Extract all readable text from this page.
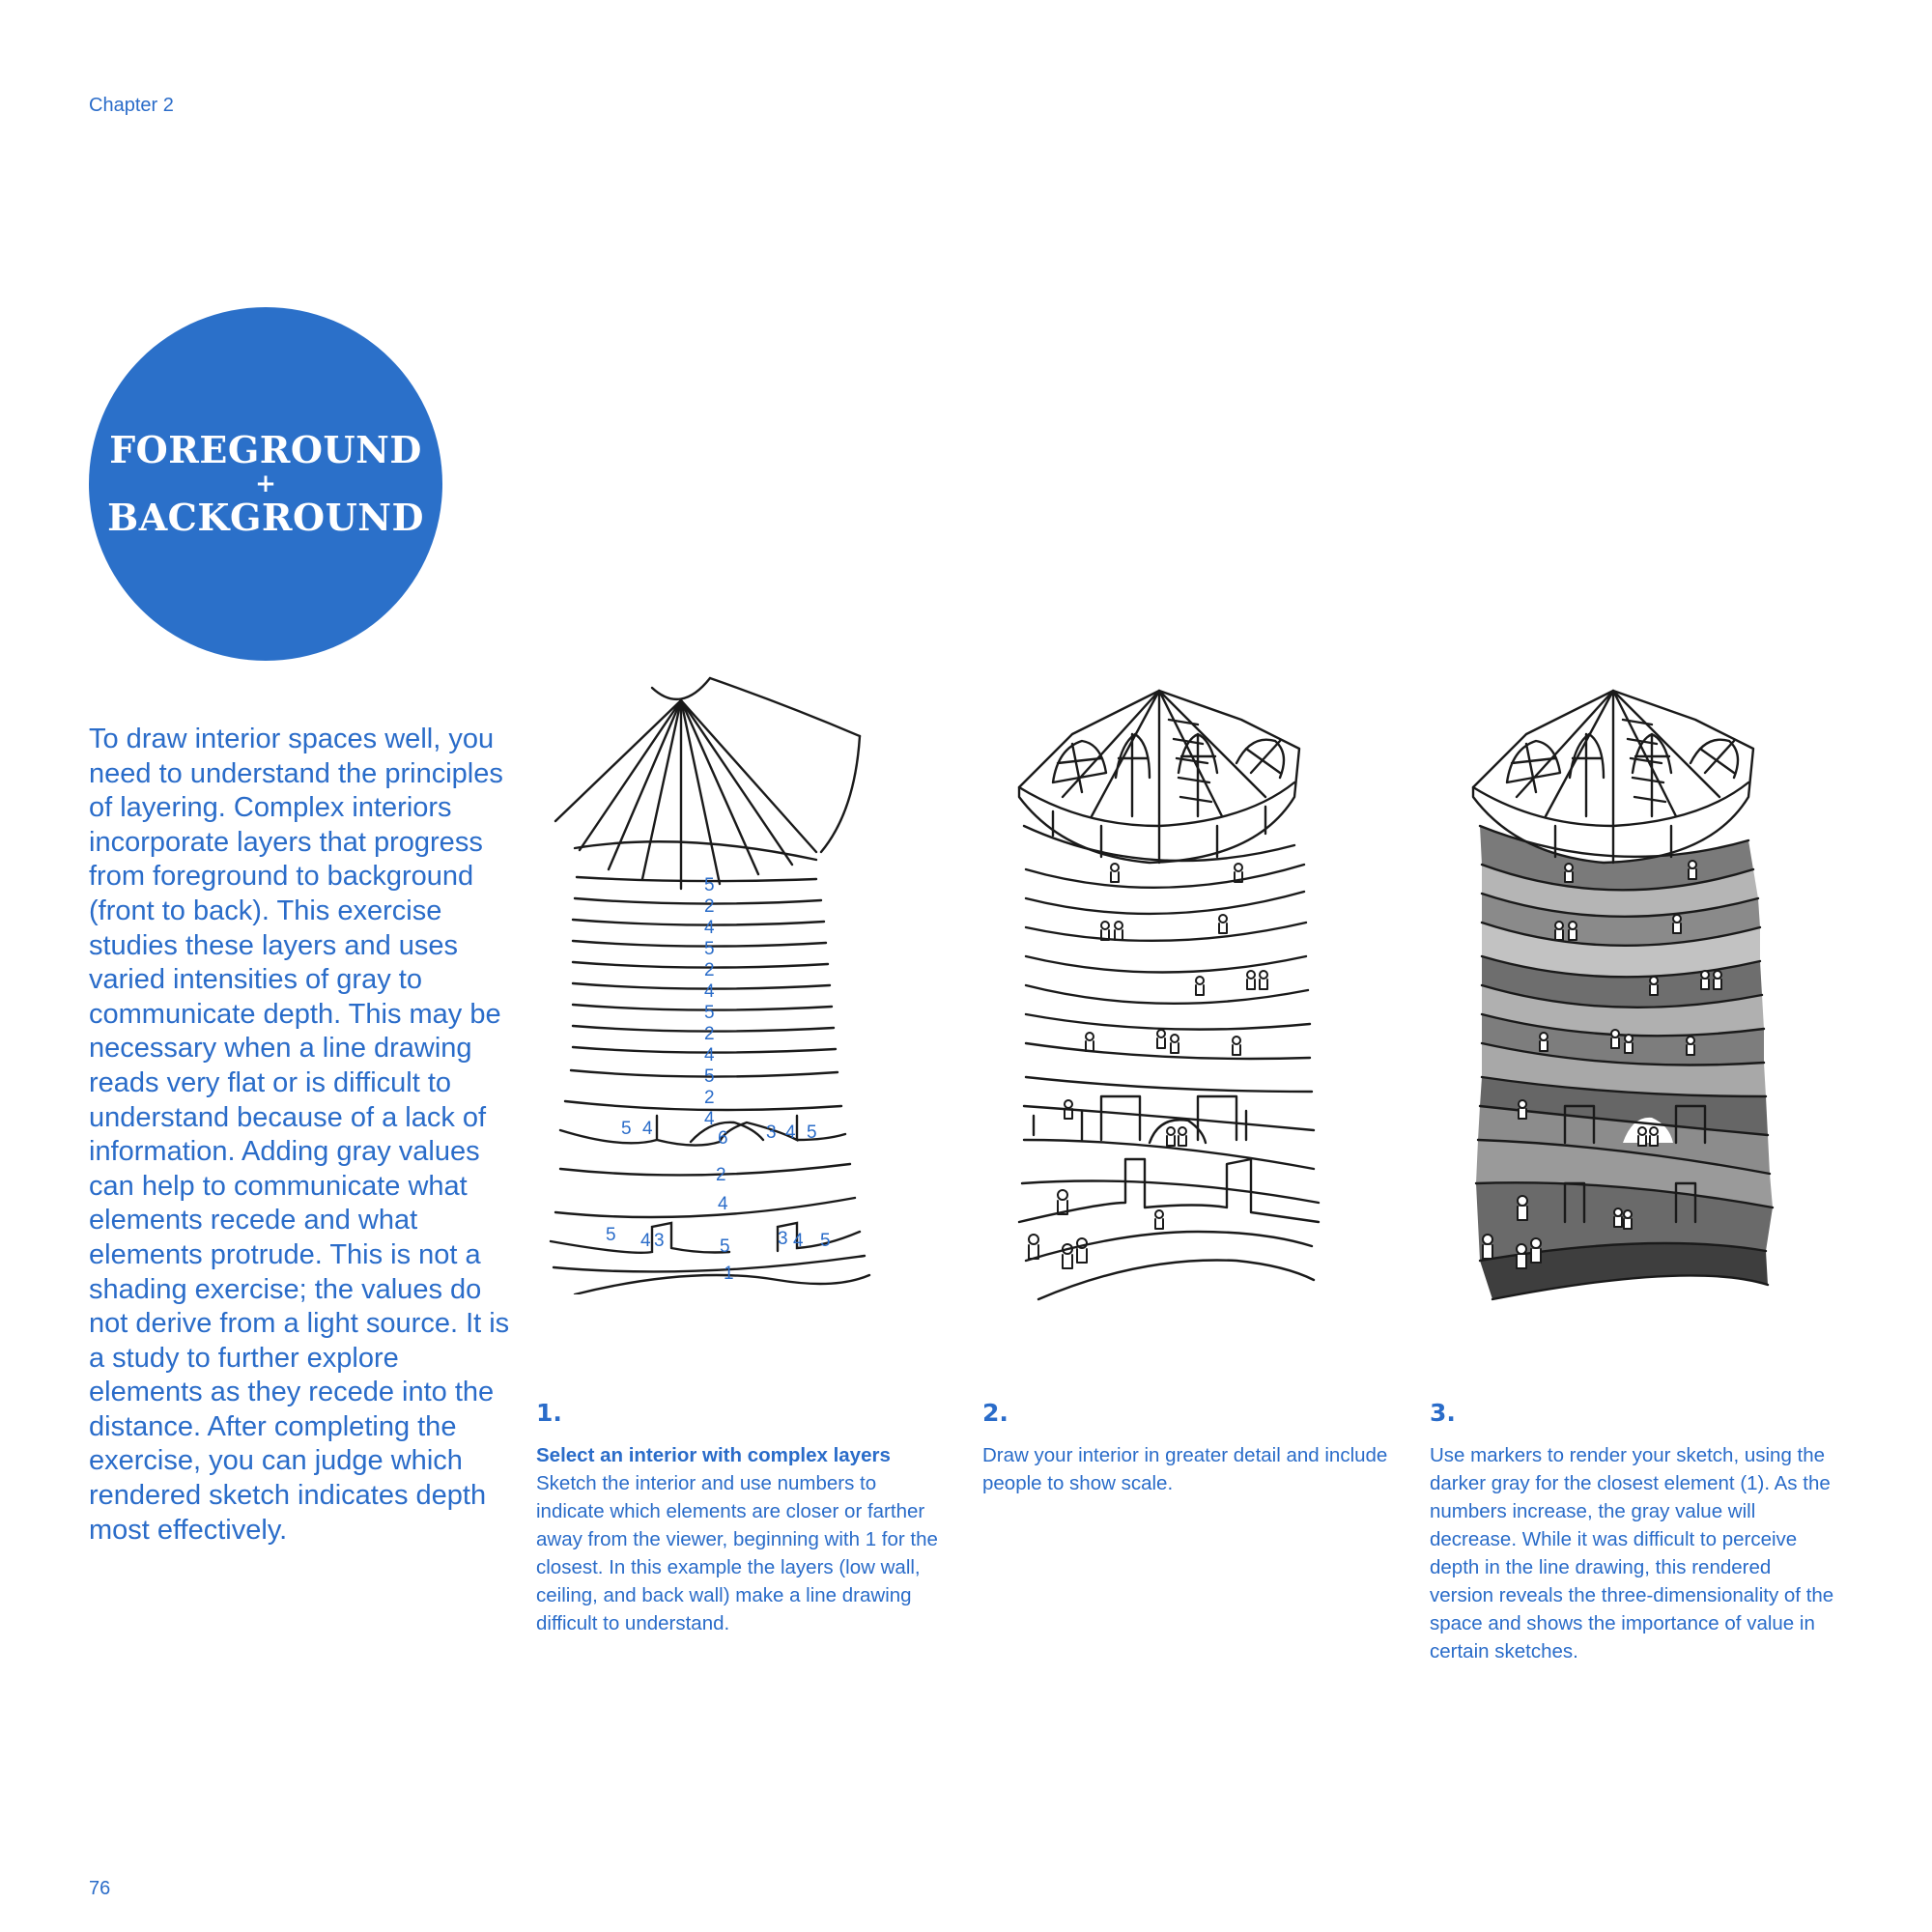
Chapter 2
FOREGROUND
+
BACKGROUND

To draw interior spaces well, you need to understand the principles of layering. Complex interiors incorporate layers that progress from foreground to background (front to back). This exercise studies these layers and uses varied intensities of gray to communicate depth. This may be necessary when a line drawing reads very flat or is difficult to understand because of a lack of information. Adding gray values can help to communicate what elements recede and what elements protrude. This is not a shading exercise; the values do not derive from a light source. It is a study to further explore elements as they recede into the distance. After completing the exercise, you can judge which rendered sketch indicates depth most effectively.

5
2
4
5
2
4
5
2
4
5
2
4
5 4	6 3 4 5
2
4
5 4 3	5	3 4 5
1
1.

Select an interior with complex layers
Sketch the interior and use numbers to indicate which elements are closer or farther away from the viewer, beginning with 1 for the closest. In this example the layers (low wall, ceiling, and back wall) make a line drawing difficult to understand.

2.

Draw your interior in greater detail and include people to show scale.

3.

Use markers to render your sketch, using the darker gray for the closest element (1). As the numbers increase, the gray value will decrease. While it was difficult to perceive depth in the line drawing, this rendered version reveals the three-dimensionality of the space and shows the importance of value in certain sketches.

76
